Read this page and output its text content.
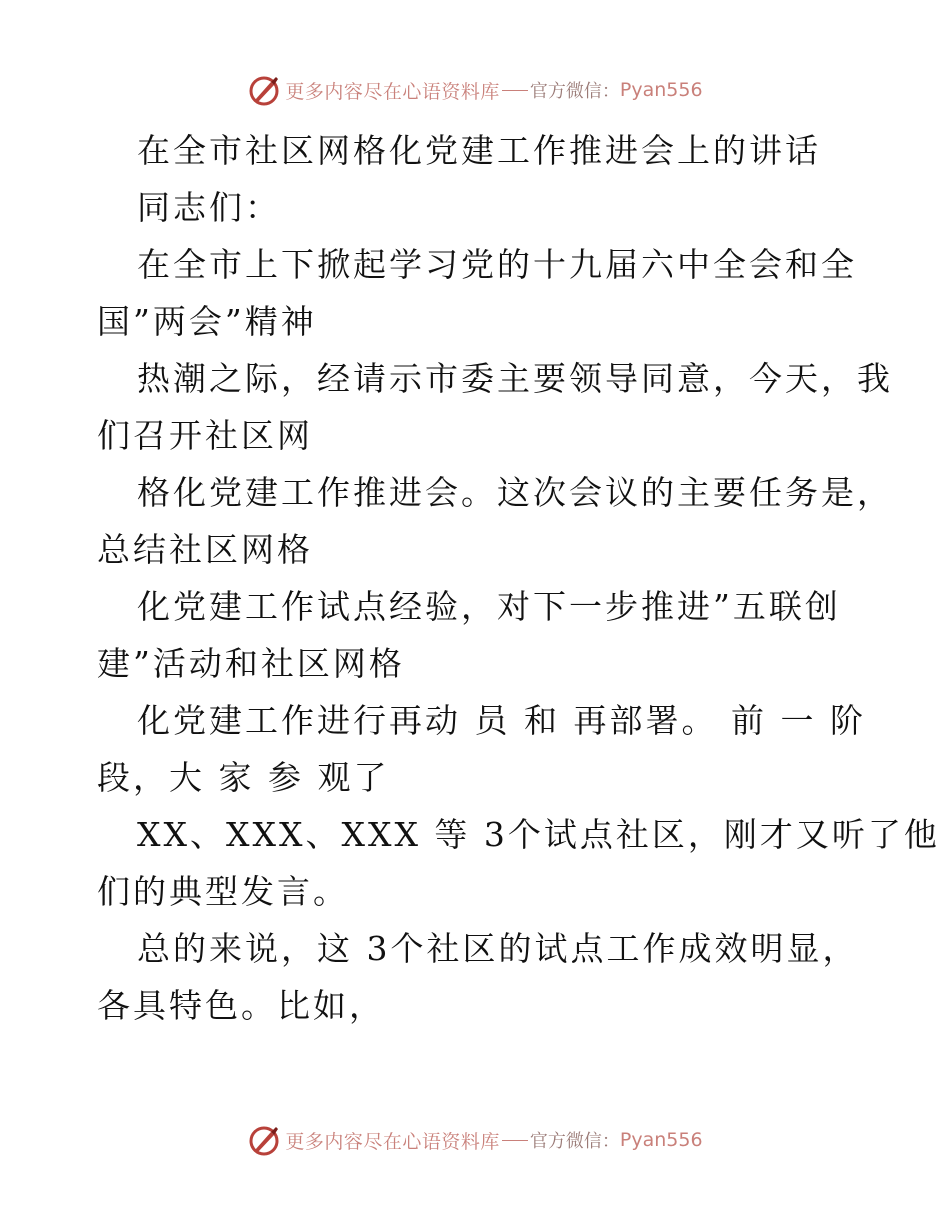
更多内容尽在心语资料库 官方微信： Pyan556
在全市社区网格化党建工作推进会上的讲话
同志们：
在全市上下掀起学习党的十九届六中全会和全
国”两会”精神
热潮之际，经请示市委主要领导同意，今天，我
们召开社区网
格化党建工作推进会。这次会议的主要任务是，
总结社区网格
化党建工作试点经验，对下一步推进”五联创
建”活动和社区网格
化党建工作进行再动 员 和 再部署。 前 一 阶
段，大 家 参 观了
XX、XXX、XXX 等 3个试点社区，刚才又听了他
们的典型发言。
总的来说，这 3个社区的试点工作成效明显，
各具特色。比如，
更多内容尽在心语资料库 官方微信： Pyan556
